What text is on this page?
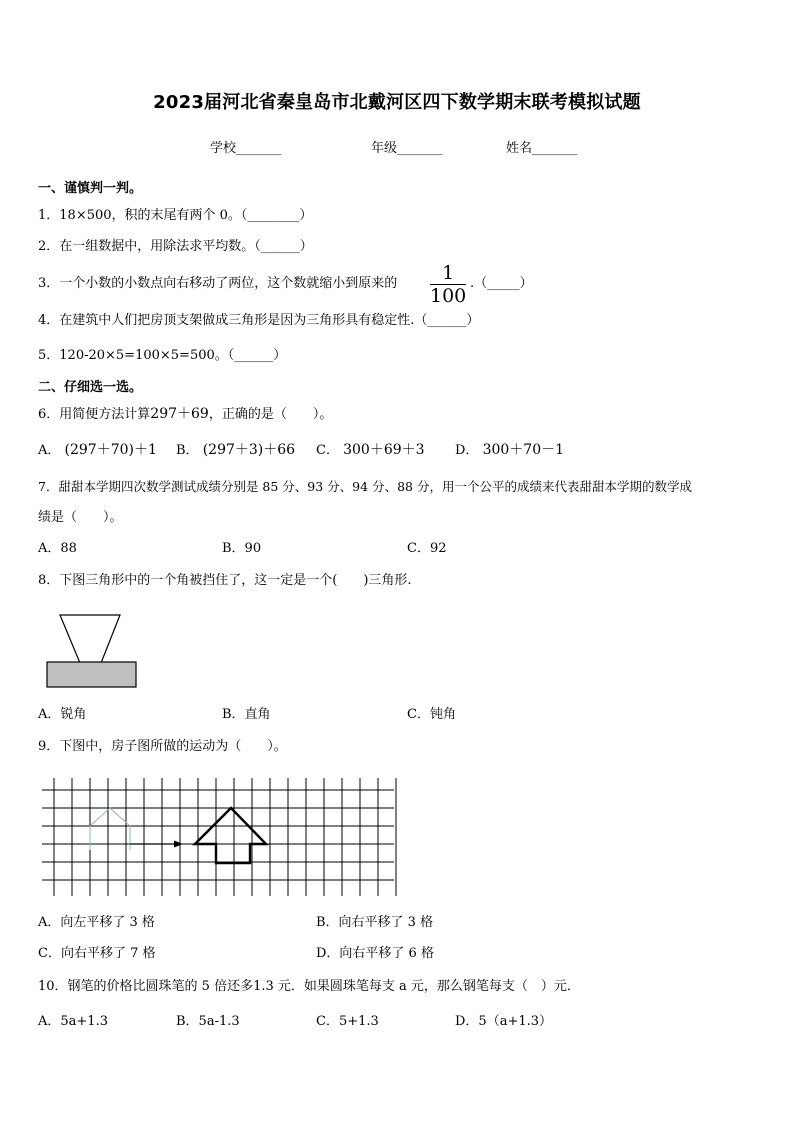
2023届河北省秦皇岛市北戴河区四下数学期末联考模拟试题
学校_______	年级_______	姓名_______
一、谨慎判一判。
1．18×500，积的末尾有两个 0。（________）
2．在一组数据中，用除法求平均数。（______）
3．一个小数的小数点向右移动了两位，这个数就缩小到原来的 1
100
.（_____）
4．在建筑中人们把房顶支架做成三角形是因为三角形具有稳定性.（______）
5．120-20×5=100×5=500。（______）
二、仔细选一选。
6．用简便方法计算297＋69，正确的是（　　）。
A． (297＋70)＋1 B． (297＋3)＋66 C． 300＋69＋3 D． 300＋70－1
7．甜甜本学期四次数学测试成绩分别是 85 分、93 分、94 分、88 分，用一个公平的成绩来代表甜甜本学期的数学成
绩是（　　）。
A．88	B．90	C．92
8．下图三角形中的一个角被挡住了，这一定是一个(　　)三角形.
A．锐角	B．直角	C．钝角
9．下图中，房子图所做的运动为（　　）。
A．向左平移了 3 格	B．向右平移了 3 格
C．向右平移了 7 格	D．向右平移了 6 格
10．钢笔的价格比圆珠笔的 5 倍还多1.3 元．如果圆珠笔每支 a 元，那么钢笔每支（　）元．
A．5a+1.3	B．5a-1.3	C．5+1.3	D．5（a+1.3）
